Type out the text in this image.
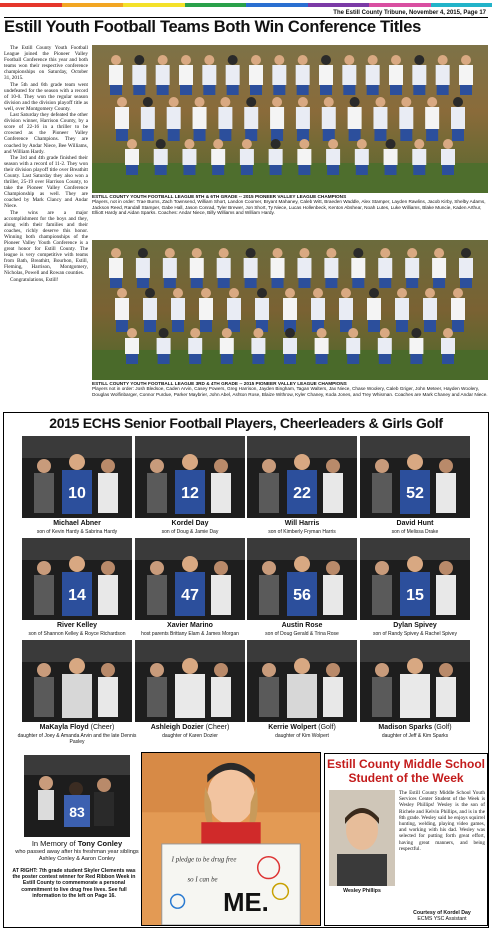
The Estill County Tribune, November 4, 2015, Page 17
Estill Youth Football Teams Both Win Conference Titles

The Estill County Youth Football League joined the Pioneer Valley Football Conference this year and both teams won their respective conference championships on Saturday, October 31, 2015.

The 5th and 6th grade team went undefeated for the season with a record of 10-0. They won the regular season division and the division playoff title as well, over Montgomery County.

Last Saturday they defeated the other division winner, Harrison County, by a score of 22-16 in a thriller to be crowned as the Pioneer Valley Conference Champions. They are coached by Andar Niece, Bee Williams, and William Hardy.

The 3rd and 4th grade finished their season with a record of 11-2. They won their division playoff title over Breathitt County. Last Saturday they also won a thriller, 25-19 over Harrison County, to take the Pioneer Valley Conference Championship as well. They are coached by Mark Clancy and Andar Niece.

The wins are a major accomplishment for the boys and they, along with their families and their coaches, richly deserve this honor. Winning both championships of the Pioneer Valley Youth Conference is a great honor for Estill County. The league is very competitive with teams from Bath, Breathitt, Bourbon, Estill, Fleming, Harrison, Montgomery, Nicholas, Powell and Rowan counties.

Congratulations, Estill!

ESTILL COUNTY YOUTH FOOTBALL LEAGUE 5TH & 6TH GRADE -- 2015 PIONEER VALLEY LEAGUE CHAMPIONS
Players, not in order: Trae Burns, Zach Townsend, William Short, Landon Coomer, Bryant Mahaney, Caleb Witt, Braeden Waddle, Alex Stamper, Layden Rawlins, Jacob Kirby, Shelby Adams, Jackson Reed, Randall Stamper, Gabe Hall, Jason Conrad, Tyler Brewer, Jon Short, Ty Niece, Lucas Hollenbeck, Kenton Abshear, Noah Lutes, Luke Williams, Blake Muncie, Kaden Arthur, Elliott Hardy and Aidan Sparks. Coaches: Andar Niece, Billy Williams and William Hardy.
ESTILL COUNTY YOUTH FOOTBALL LEAGUE 3RD & 4TH GRADE -- 2015 PIONEER VALLEY LEAGUE CHAMPIONS
Players not in order: Josh Bledsoe, Caden Arvin, Casey Powers, Greg Harrison, Jayden Bingham, Tagan Walters, Jax Niece, Chase Woolery, Caleb Griger, John Meteer, Hayden Woolery, Douglas Wolfinbarger, Connor Purdue, Parker Maybrier, John Abel, Ashton Rose, Blaize Withrow, Kyler Chaney, Koda Jones, and Trey Whisman. Coaches are Mark Chaney and Andar Niece.
2015 ECHS Senior Football Players, Cheerleaders & Girls Golf
10
Michael Abner
son of Kevin Hardy & Sabrina Hardy
12
Kordel Day
son of Doug & Jamie Day
22
Will Harris
son of Kimberly Fryman Harris
52
David Hunt
son of Melissa Drake
14
River Kelley
son of Shannon Kelley & Royce Richardson
47
Xavier Marino
host parents Brittany Elam & James Morgan
56
Austin Rose
son of Doug Gerald & Trina Rose
15
Dylan Spivey
son of Randy Spivey & Rachel Spivey
MaKayla Floyd (Cheer)
daughter of Joey & Amanda Arvin and the late Dennis Pasley
Ashleigh Dozier (Cheer)
daughter of Karen Dozier
Kerrie Wolpert (Golf)
daughter of Kim Wolpert
Madison Sparks (Golf)
daughter of Jeff & Kim Sparks
83
In Memory of Tony Conley
who passed away after his freshman year siblings Ashley Conley & Aaron Conley
AT RIGHT: 7th grade student Skyler Clements was the poster contest winner for Red Ribbon Week in Estill County to commemorate a personal commitment to live drug free lives. See full information to the left on Page 16.
I pledge to be drug free
so I can be
ME.
Estill County Middle School
Student of the Week
Wesley Phillips
The Estill County Middle School Youth Services Center Student of the Week is Wesley Phillips! Wesley is the son of Richele and Kelvin Phillips, and is in the 8th grade. Wesley said he enjoys squirrel hunting, welding, playing video games, and working with his dad. Wesley was selected for putting forth great effort, having great manners, and being respectful.
Courtesy of Kordel Day
ECMS YSC Assistant
